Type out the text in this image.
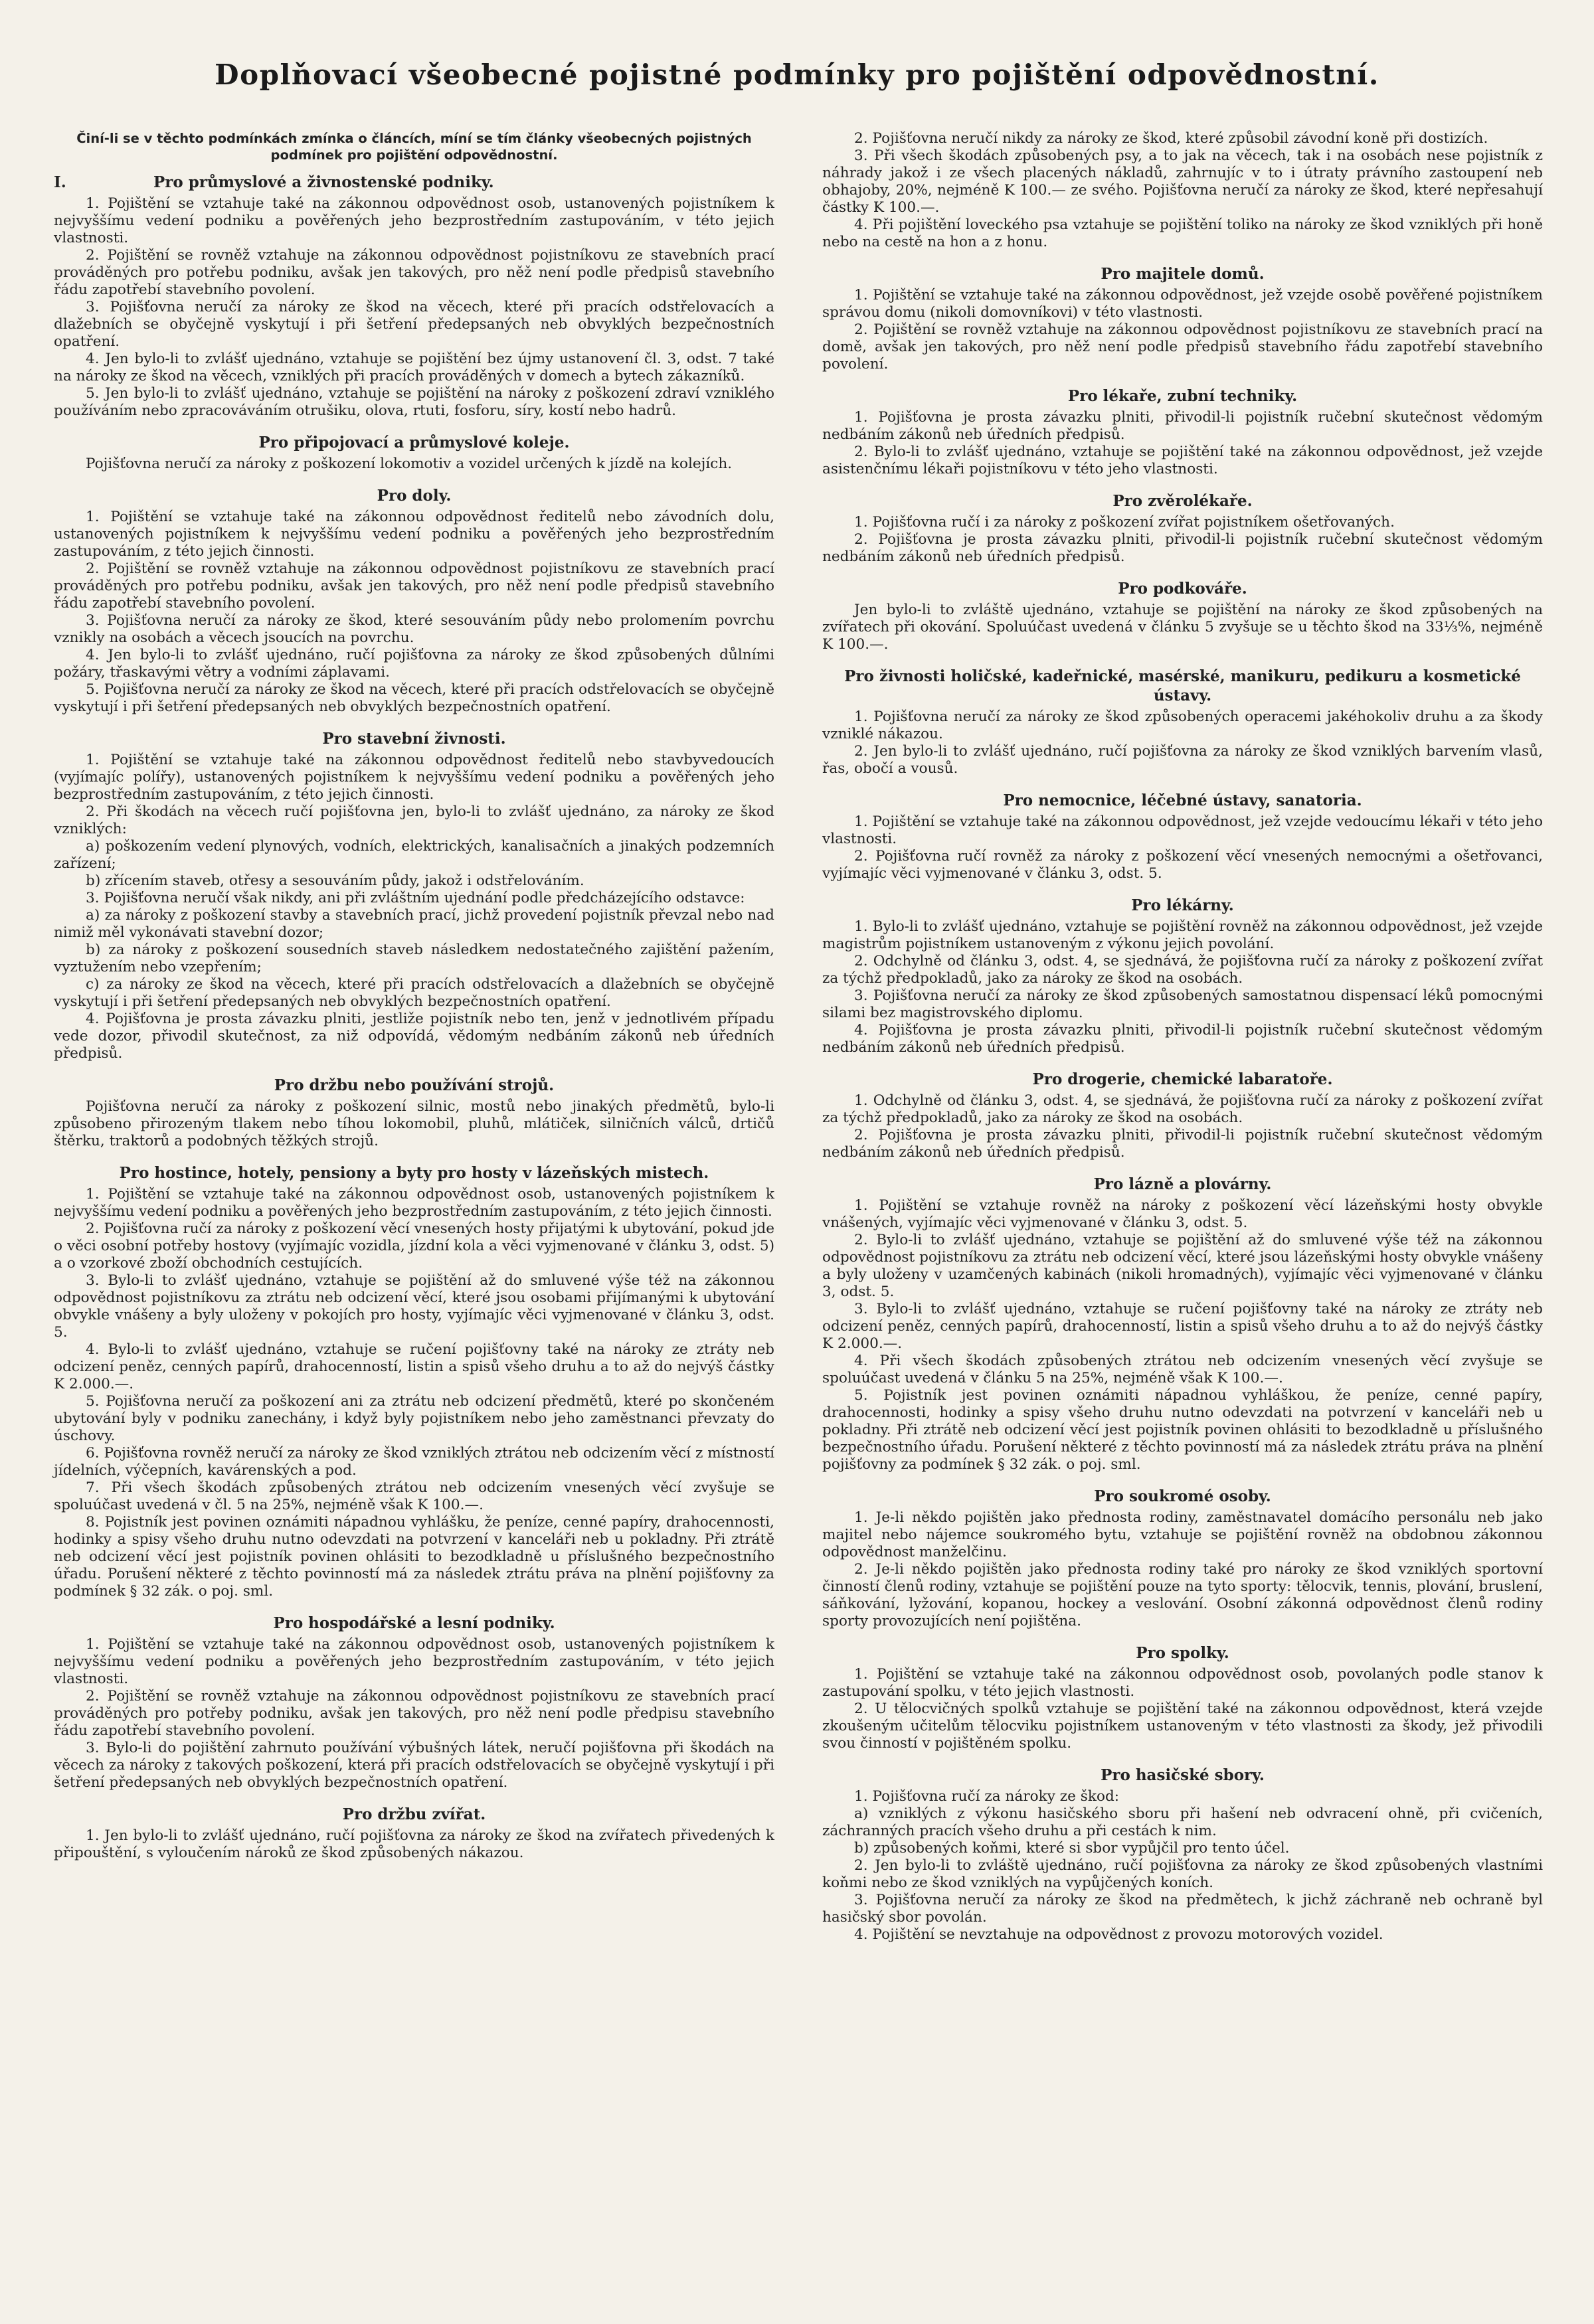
Doplňovací všeobecné pojistné podmínky pro pojištění odpovědnostní.

Činí-li se v těchto podmínkách zmínka o článcích, míní se tím články všeobecných pojistných podmínek pro pojištění odpovědnostní.

I.	Pro průmyslové a živnostenské podniky.

1. Pojištění se vztahuje také na zákonnou odpovědnost osob, ustanovených pojistníkem k nejvyššímu vedení podniku a pověřených jeho bezprostředním zastupováním, v této jejich vlastnosti.

2. Pojištění se rovněž vztahuje na zákonnou odpovědnost pojistníkovu ze stavebních prací prováděných pro potřebu podniku, avšak jen takových, pro něž není podle předpisů stavebního řádu zapotřebí stavebního povolení.

3. Pojišťovna neručí za nároky ze škod na věcech, které při pracích odstřelovacích a dlažebních se obyčejně vyskytují i při šetření předepsaných neb obvyklých bezpečnostních opatření.

4. Jen bylo-li to zvlášť ujednáno, vztahuje se pojištění bez újmy ustanovení čl. 3, odst. 7 také na nároky ze škod na věcech, vzniklých při pracích prováděných v domech a bytech zákazníků.

5. Jen bylo-li to zvlášť ujednáno, vztahuje se pojištění na nároky z poškození zdraví vzniklého používáním nebo zpracováváním otrušiku, olova, rtuti, fosforu, síry, kostí nebo hadrů.

Pro připojovací a průmyslové koleje.

Pojišťovna neručí za nároky z poškození lokomotiv a vozidel určených k jízdě na kolejích.

Pro doly.

1. Pojištění se vztahuje také na zákonnou odpovědnost ředitelů nebo závodních dolu, ustanovených pojistníkem k nejvyššímu vedení podniku a pověřených jeho bezprostředním zastupováním, z této jejich činnosti.

2. Pojištění se rovněž vztahuje na zákonnou odpovědnost pojistníkovu ze stavebních prací prováděných pro potřebu podniku, avšak jen takových, pro něž není podle předpisů stavebního řádu zapotřebí stavebního povolení.

3. Pojišťovna neručí za nároky ze škod, které sesouváním půdy nebo prolomením povrchu vznikly na osobách a věcech jsoucích na povrchu.

4. Jen bylo-li to zvlášť ujednáno, ručí pojišťovna za nároky ze škod způsobených důlními požáry, třaskavými větry a vodními záplavami.

5. Pojišťovna neručí za nároky ze škod na věcech, které při pracích odstřelovacích se obyčejně vyskytují i při šetření předepsaných neb obvyklých bezpečnostních opatření.

Pro stavební živnosti.

1. Pojištění se vztahuje také na zákonnou odpovědnost ředitelů nebo stavbyvedoucích (vyjímajíc polířy), ustanovených pojistníkem k nejvyššímu vedení podniku a pověřených jeho bezprostředním zastupováním, z této jejich činnosti.

2. Při škodách na věcech ručí pojišťovna jen, bylo-li to zvlášť ujednáno, za nároky ze škod vzniklých:

a) poškozením vedení plynových, vodních, elektrických, kanalisačních a jinakých podzemních zařízení;

b) zřícením staveb, otřesy a sesouváním půdy, jakož i odstřelováním.

3. Pojišťovna neručí však nikdy, ani při zvláštním ujednání podle předcházejícího odstavce:

a) za nároky z poškození stavby a stavebních prací, jichž provedení pojistník převzal nebo nad nimiž měl vykonávati stavební dozor;

b) za nároky z poškození sousedních staveb následkem nedostatečného zajištění pažením, vyztužením nebo vzepřením;

c) za nároky ze škod na věcech, které při pracích odstřelovacích a dlažebních se obyčejně vyskytují i při šetření předepsaných neb obvyklých bezpečnostních opatření.

4. Pojišťovna je prosta závazku plniti, jestliže pojistník nebo ten, jenž v jednotlivém případu vede dozor, přivodil skutečnost, za niž odpovídá, vědomým nedbáním zákonů neb úředních předpisů.

Pro držbu nebo používání strojů.

Pojišťovna neručí za nároky z poškození silnic, mostů nebo jinakých předmětů, bylo-li způsobeno přirozeným tlakem nebo tíhou lokomobil, pluhů, mlátiček, silničních válců, drtičů štěrku, traktorů a podobných těžkých strojů.

Pro hostince, hotely, pensiony a byty pro hosty v lázeňských mistech.

1. Pojištění se vztahuje také na zákonnou odpovědnost osob, ustanovených pojistníkem k nejvyššímu vedení podniku a pověřených jeho bezprostředním zastupováním, z této jejich činnosti.

2. Pojišťovna ručí za nároky z poškození věcí vnesených hosty přijatými k ubytování, pokud jde o věci osobní potřeby hostovy (vyjímajíc vozidla, jízdní kola a věci vyjmenované v článku 3, odst. 5) a o vzorkové zboží obchodních cestujících.

3. Bylo-li to zvlášť ujednáno, vztahuje se pojištění až do smluvené výše též na zákonnou odpovědnost pojistníkovu za ztrátu neb odcizení věcí, které jsou osobami přijímanými k ubytování obvykle vnášeny a byly uloženy v pokojích pro hosty, vyjímajíc věci vyjmenované v článku 3, odst. 5.

4. Bylo-li to zvlášť ujednáno, vztahuje se ručení pojišťovny také na nároky ze ztráty neb odcizení peněz, cenných papírů, drahocenností, listin a spisů všeho druhu a to až do nejvýš částky K 2.000.—.

5. Pojišťovna neručí za poškození ani za ztrátu neb odcizení předmětů, které po skončeném ubytování byly v podniku zanechány, i když byly pojistníkem nebo jeho zaměstnanci převzaty do úschovy.

6. Pojišťovna rovněž neručí za nároky ze škod vzniklých ztrátou neb odcizením věcí z místností jídelních, výčepních, kavárenských a pod.

7. Při všech škodách způsobených ztrátou neb odcizením vnesených věcí zvyšuje se spoluúčast uvedená v čl. 5 na 25%, nejméně však K 100.—.

8. Pojistník jest povinen oznámiti nápadnou vyhlášku, že peníze, cenné papíry, drahocennosti, hodinky a spisy všeho druhu nutno odevzdati na potvrzení v kanceláři neb u pokladny. Při ztrátě neb odcizení věcí jest pojistník povinen ohlásiti to bezodkladně u příslušného bezpečnostního úřadu. Porušení některé z těchto povinností má za následek ztrátu práva na plnění pojišťovny za podmínek § 32 zák. o poj. sml.

Pro hospodářské a lesní podniky.

1. Pojištění se vztahuje také na zákonnou odpovědnost osob, ustanovených pojistníkem k nejvyššímu vedení podniku a pověřených jeho bezprostředním zastupováním, v této jejich vlastnosti.

2. Pojištění se rovněž vztahuje na zákonnou odpovědnost pojistníkovu ze stavebních prací prováděných pro potřeby podniku, avšak jen takových, pro něž není podle předpisu stavebního řádu zapotřebí stavebního povolení.

3. Bylo-li do pojištění zahrnuto používání výbušných látek, neručí pojišťovna při škodách na věcech za nároky z takových poškození, která při pracích odstřelovacích se obyčejně vyskytují i při šetření předepsaných neb obvyklých bezpečnostních opatření.

Pro držbu zvířat.

1. Jen bylo-li to zvlášť ujednáno, ručí pojišťovna za nároky ze škod na zvířatech přivedených k připouštění, s vyloučením nároků ze škod způsobených nákazou.

2. Pojišťovna neručí nikdy za nároky ze škod, které způsobil závodní koně při dostizích.

3. Při všech škodách způsobených psy, a to jak na věcech, tak i na osobách nese pojistník z náhrady jakož i ze všech placených nákladů, zahrnujíc v to i útraty právního zastoupení neb obhajoby, 20%, nejméně K 100.— ze svého. Pojišťovna neručí za nároky ze škod, které nepřesahují částky K 100.—.

4. Při pojištění loveckého psa vztahuje se pojištění toliko na nároky ze škod vzniklých při honě nebo na cestě na hon a z honu.

Pro majitele domů.

1. Pojištění se vztahuje také na zákonnou odpovědnost, jež vzejde osobě pověřené pojistníkem správou domu (nikoli domovníkovi) v této vlastnosti.

2. Pojištění se rovněž vztahuje na zákonnou odpovědnost pojistníkovu ze stavebních prací na domě, avšak jen takových, pro něž není podle předpisů stavebního řádu zapotřebí stavebního povolení.

Pro lékaře, zubní techniky.

1. Pojišťovna je prosta závazku plniti, přivodil-li pojistník ručební skutečnost vědomým nedbáním zákonů neb úředních předpisů.

2. Bylo-li to zvlášť ujednáno, vztahuje se pojištění také na zákonnou odpovědnost, jež vzejde asistenčnímu lékaři pojistníkovu v této jeho vlastnosti.

Pro zvěrolékaře.

1. Pojišťovna ručí i za nároky z poškození zvířat pojistníkem ošetřovaných.

2. Pojišťovna je prosta závazku plniti, přivodil-li pojistník ručební skutečnost vědomým nedbáním zákonů neb úředních předpisů.

Pro podkováře.

Jen bylo-li to zvláště ujednáno, vztahuje se pojištění na nároky ze škod způsobených na zvířatech při okování. Spoluúčast uvedená v článku 5 zvyšuje se u těchto škod na 33⅓%, nejméně K 100.—.

Pro živnosti holičské, kadeřnické, masérské, manikuru, pedikuru a kosmetické ústavy.

1. Pojišťovna neručí za nároky ze škod způsobených operacemi jakéhokoliv druhu a za škody vzniklé nákazou.

2. Jen bylo-li to zvlášť ujednáno, ručí pojišťovna za nároky ze škod vzniklých barvením vlasů, řas, obočí a vousů.

Pro nemocnice, léčebné ústavy, sanatoria.

1. Pojištění se vztahuje také na zákonnou odpovědnost, jež vzejde vedoucímu lékaři v této jeho vlastnosti.

2. Pojišťovna ručí rovněž za nároky z poškození věcí vnesených nemocnými a ošetřovanci, vyjímajíc věci vyjmenované v článku 3, odst. 5.

Pro lékárny.

1. Bylo-li to zvlášť ujednáno, vztahuje se pojištění rovněž na zákonnou odpovědnost, jež vzejde magistrům pojistníkem ustanoveným z výkonu jejich povolání.

2. Odchylně od článku 3, odst. 4, se sjednává, že pojišťovna ručí za nároky z poškození zvířat za týchž předpokladů, jako za nároky ze škod na osobách.

3. Pojišťovna neručí za nároky ze škod způsobených samostatnou dispensací léků pomocnými silami bez magistrovského diplomu.

4. Pojišťovna je prosta závazku plniti, přivodil-li pojistník ručební skutečnost vědomým nedbáním zákonů neb úředních předpisů.

Pro drogerie, chemické labaratoře.

1. Odchylně od článku 3, odst. 4, se sjednává, že pojišťovna ručí za nároky z poškození zvířat za týchž předpokladů, jako za nároky ze škod na osobách.

2. Pojišťovna je prosta závazku plniti, přivodil-li pojistník ručební skutečnost vědomým nedbáním zákonů neb úředních předpisů.

Pro lázně a plovárny.

1. Pojištění se vztahuje rovněž na nároky z poškození věcí lázeňskými hosty obvykle vnášených, vyjímajíc věci vyjmenované v článku 3, odst. 5.

2. Bylo-li to zvlášť ujednáno, vztahuje se pojištění až do smluvené výše též na zákonnou odpovědnost pojistníkovu za ztrátu neb odcizení věcí, které jsou lázeňskými hosty obvykle vnášeny a byly uloženy v uzamčených kabinách (nikoli hromadných), vyjímajíc věci vyjmenované v článku 3, odst. 5.

3. Bylo-li to zvlášť ujednáno, vztahuje se ručení pojišťovny také na nároky ze ztráty neb odcizení peněz, cenných papírů, drahocenností, listin a spisů všeho druhu a to až do nejvýš částky K 2.000.—.

4. Při všech škodách způsobených ztrátou neb odcizením vnesených věcí zvyšuje se spoluúčast uvedená v článku 5 na 25%, nejméně však K 100.—.

5. Pojistník jest povinen oznámiti nápadnou vyhláškou, že peníze, cenné papíry, drahocennosti, hodinky a spisy všeho druhu nutno odevzdati na potvrzení v kanceláři neb u pokladny. Při ztrátě neb odcizení věcí jest pojistník povinen ohlásiti to bezodkladně u příslušného bezpečnostního úřadu. Porušení některé z těchto povinností má za následek ztrátu práva na plnění pojišťovny za podmínek § 32 zák. o poj. sml.

Pro soukromé osoby.

1. Je-li někdo pojištěn jako přednosta rodiny, zaměstnavatel domácího personálu neb jako majitel nebo nájemce soukromého bytu, vztahuje se pojištění rovněž na obdobnou zákonnou odpovědnost manželčinu.

2. Je-li někdo pojištěn jako přednosta rodiny také pro nároky ze škod vzniklých sportovní činností členů rodiny, vztahuje se pojištění pouze na tyto sporty: tělocvik, tennis, plování, bruslení, sáňkování, lyžování, kopanou, hockey a veslování. Osobní zákonná odpovědnost členů rodiny sporty provozujících není pojištěna.

Pro spolky.

1. Pojištění se vztahuje také na zákonnou odpovědnost osob, povolaných podle stanov k zastupování spolku, v této jejich vlastnosti.

2. U tělocvičných spolků vztahuje se pojištění také na zákonnou odpovědnost, která vzejde zkoušeným učitelům tělocviku pojistníkem ustanoveným v této vlastnosti za škody, jež přivodili svou činností v pojištěném spolku.

Pro hasičské sbory.

1. Pojišťovna ručí za nároky ze škod:

a) vzniklých z výkonu hasičského sboru při hašení neb odvracení ohně, při cvičeních, záchranných pracích všeho druhu a při cestách k nim.

b) způsobených koňmi, které si sbor vypůjčil pro tento účel.

2. Jen bylo-li to zvláště ujednáno, ručí pojišťovna za nároky ze škod způsobených vlastními koňmi nebo ze škod vzniklých na vypůjčených koních.

3. Pojišťovna neručí za nároky ze škod na předmětech, k jichž záchraně neb ochraně byl hasičský sbor povolán.

4. Pojištění se nevztahuje na odpovědnost z provozu motorových vozidel.
